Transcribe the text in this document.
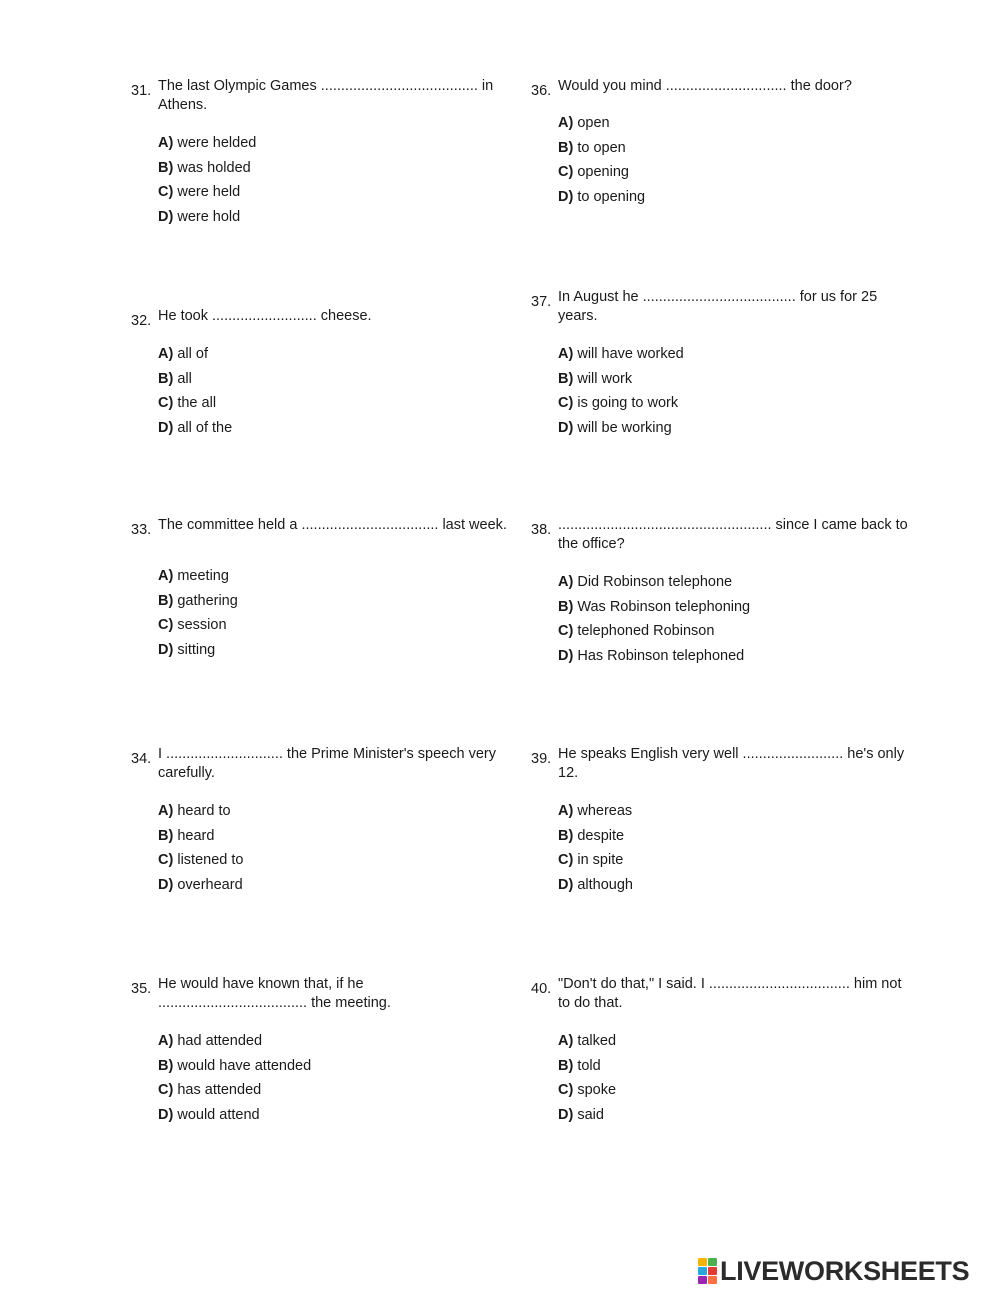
31. The last Olympic Games ....................................... in Athens.

A) were helded
B) was holded
C) were held
D) were hold
32. He took .......................... cheese.

A) all of
B) all
C) the all
D) all of the
33. The committee held a .................................. last week.

A) meeting
B) gathering
C) session
D) sitting
34. I ............................. the Prime Minister's speech very carefully.

A) heard to
B) heard
C) listened to
D) overheard
35. He would have known that, if he ..................................... the meeting.

A) had attended
B) would have attended
C) has attended
D) would attend
36. Would you mind .............................. the door?

A) open
B) to open
C) opening
D) to opening
37. In August he ...................................... for us for 25 years.

A) will have worked
B) will work
C) is going to work
D) will be working
38. ..................................................... since I came back to the office?

A) Did Robinson telephone
B) Was Robinson telephoning
C) telephoned Robinson
D) Has Robinson telephoned
39. He speaks English very well ......................... he's only 12.

A) whereas
B) despite
C) in spite
D) although
40. "Don't do that," I said. I ................................... him not to do that.

A) talked
B) told
C) spoke
D) said
LIVEWORKSHEETS
